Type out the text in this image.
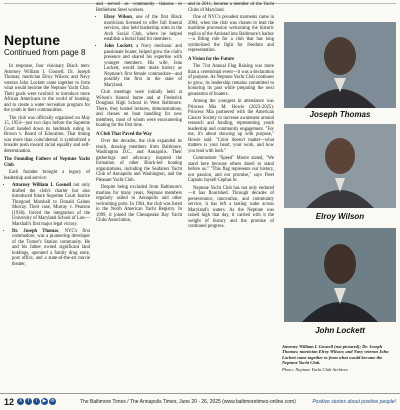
Neptune
Continued from page 8

In response, four visionary Black men: Attorney William I. Gosnell; Dr. Joseph Thomas; mortician Elroy Wilson; and Navy veteran John Lockett came together to form what would become the Neptune Yacht Club. Their goals were twofold: to introduce more African Americans to the world of boating, and to create a water recreation program for the youth in their communities.

The club was officially organized on May 15, 1954—just two days before the Supreme Court handed down its landmark ruling in Brown v. Board of Education. That timing was more than coincidental; it symbolized a broader push toward racial equality and self-determination.

The Founding Fathers of Neptune Yacht Club

Each founder brought a legacy of leadership and service:

• Attorney William I. Gosnell not only drafted the club's charter but also introduced future Supreme Court Justice Thurgood Marshall to Donald Gaines Murray. Their case, Murray v. Pearson (1936), forced the integration of the University of Maryland School of Law—Marshall's first major legal victory.
• Dr. Joseph Thomas, NYC's first commodore, was a pioneering developer of the Turner's Station community. He and his father owned significant land holdings, operated a family drug store, post office, and a state-of-the-art movie theater,

and served as community liaisons to Bethlehem Steel workers.

• Elroy Wilson, one of the first Black morticians licensed to offer full funeral services, also held leadership roles in the Arch Social Club, where he helped establish a burial fund for members.
• John Lockett, a Navy mechanic and passionate boater, helped grow the club's presence and shared his expertise with younger members. His wife, Jean Lockett, would later make history as Neptune's first female commodore—and possibly the first in the state of Maryland.

Club meetings were initially held at Wilson's funeral home and at Frederick Douglass High School in West Baltimore. There, they hosted lectures, demonstrations, and classes on boat handling for new members, most of whom were encountering boating for the first time.

A Club That Paved the Way

Over the decades, the club expanded its reach, drawing members from Baltimore, Washington D.C., and Annapolis. Their gatherings and advocacy inspired the formation of other Black-led boating organizations, including the Seafarers Yacht Club of Annapolis and Washington, and the Pleasant Yacht Club.

Despite being excluded from Baltimore's marinas for many years, Neptune members regularly sailed to Annapolis and other welcoming ports. In 1964, the club was listed in the North American Yacht Registry. In 1999, it joined the Chesapeake Bay Yacht Clubs Association,

and in 2011, became a member of the Yacht Clubs of Maryland.

One of NYC's proudest moments came in 2004, when the club was chosen to lead the maritime procession welcoming the historic replica of the Amistad into Baltimore's harbor—a fitting role for a club that has long symbolized the fight for freedom and representation.

A Vision for the Future

The 71st Annual Flag Raising was more than a ceremonial event—it was a declaration of purpose. As Neptune Yacht Club continues to grow, its leadership remains committed to honoring its past while preparing the next generation of boaters.

Among the youngest in attendance was Princess Mia M. Howie (2023-2025). Princess Mia partnered with the American Cancer Society to increase awareness around research and funding, representing youth leadership and community engagement. "For me, it's about showing up with purpose," Howie said. "Color doesn't matter—what matters is your heart, your work, and how you lead with both."

Commodore "Speed" Moore stated, "We stand here because others dared to stand before us." "This flag represents our history, our passion, and our promise," says Fleet Captain Jaysell Cephas Sr.

Neptune Yacht Club has not only endured—it has flourished. Through decades of perseverance, innovation, and community service, it has left a lasting wake across Maryland's waters. As the Neptune was raised high that day, it carried with it the weight of history and the promise of continued progress.

Joseph Thomas
Elroy Wilson
John Lockett
Attorney William I. Gosnell (not pictured); Dr. Joseph Thomas; mortician Elroy Wilson; and Navy veteran John Lockett came together to form what would become the Neptune Yacht Club.
Photo: Neptune Yacht Club Archives
12 X	f	i	▶ in	The Baltimore Times / The Annapolis Times, June 20 - 26, 2025 (www.baltimoretimes-online.com)	Positive stories about positive people!
